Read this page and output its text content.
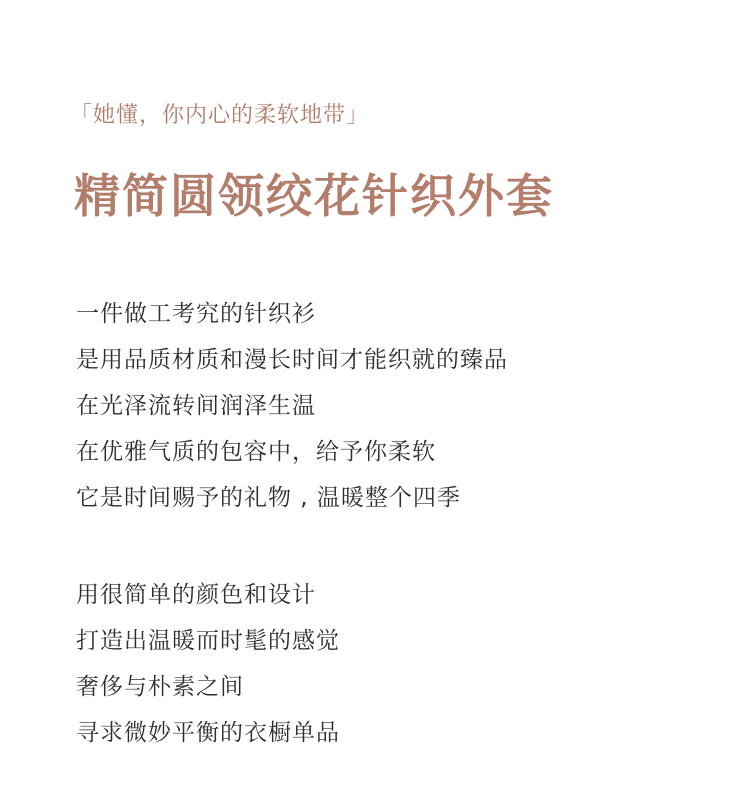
「她懂，你内心的柔软地带」
精简圆领绞花针织外套
一件做工考究的针织衫
是用品质材质和漫长时间才能织就的臻品
在光泽流转间润泽生温
在优雅气质的包容中，给予你柔软
它是时间赐予的礼物 , 温暖整个四季
用很简单的颜色和设计
打造出温暖而时髦的感觉
奢侈与朴素之间
寻求微妙平衡的衣橱单品
